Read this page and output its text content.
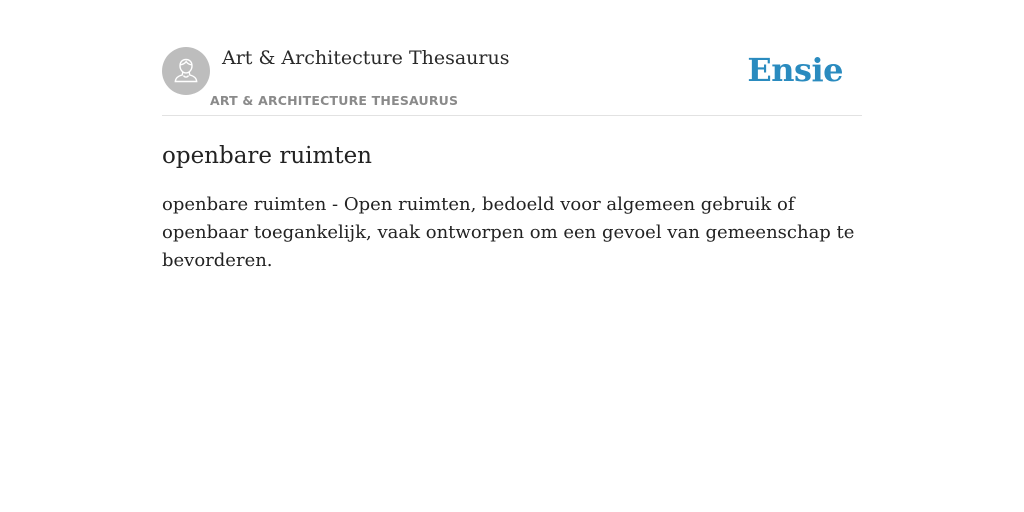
Art & Architecture Thesaurus
ART & ARCHITECTURE THESAURUS
Ensie
openbare ruimten

openbare ruimten - Open ruimten, bedoeld voor algemeen gebruik of openbaar toegankelijk, vaak ontworpen om een gevoel van gemeenschap te bevorderen.
